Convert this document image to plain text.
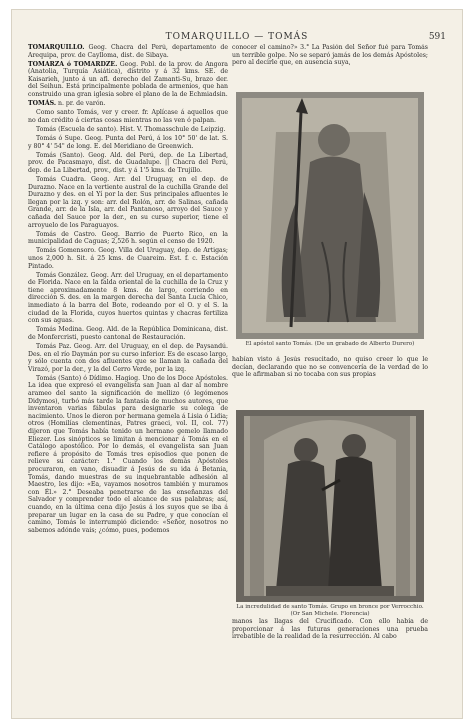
TOMARQUILLO — TOMÁS	591

TOMARQUILLO. Geog. Chacra del Perú, departamento de Arequipa, prov. de Caylloma, dist. de Sibaya.

TOMARZA ó TOMARDZE. Geog. Pobl. de la prov. de Angora (Anatolia, Turquía Asiática), distrito y á 32 kms. SE. de Kaisarieh, junto á un afl. derecho del Zamanti-Su, brazo der. del Seihun. Está principalmente poblada de armenios, que han construido una gran iglesia sobre el plano de la de Echmiadsin.

TOMÁS. n. pr. de varón.

Como santo Tomás, ver y creer. fr. Aplícase á aquellos que no dan crédito á ciertas cosas mientras no las ven ó palpan.

Tomás (Escuela de santo). Hist. V. Thomasschule de Leipzig.

Tomás ó Supe. Geog. Punta del Perú, á los 10° 50' de lat. S. y 80° 4' 54" de long. E. del Meridiano de Greenwich.

Tomás (Santo). Geog. Ald. del Perú, dep. de La Libertad, prov. de Pacasmayo, dist. de Guadalupe. || Chacra del Perú, dep. de La Libertad, prov., dist. y á 1'5 kms. de Trujillo.

Tomás Cuadra. Geog. Arr. del Uruguay, en el dep. de Durazno. Nace en la vertiente austral de la cuchilla Grande del Durazno y des. en el Yí por la der. Sus principales afluentes le llegan por la izq. y son: arr. del Rolón, arr. de Salinas, cañada Grande, arr. de la Isla, arr. del Pantanoso, arroyo del Sauce y cañada del Sauce por la der., en su curso superior, tiene el arroyuelo de los Paraguayos.

Tomás de Castro. Geog. Barrio de Puerto Rico, en la municipalidad de Caguas; 2,526 h. según el censo de 1920.

Tomás Gomensoro. Geog. Villa del Uruguay, dep. de Artigas; unos 2,000 h. Sit. á 25 kms. de Cuareim. Est. f. c. Estación Pintado.

Tomás González. Geog. Arr. del Uruguay, en el departamento de Florida. Nace en la falda oriental de la cuchilla de la Cruz y tiene aproximadamente 8 kms. de largo, corriendo en dirección S. des. en la margen derecha del Santa Lucía Chico, inmediato á la barra del Bote, rodeando por el O. y el S. la ciudad de la Florida, cuyos huertos quintas y chacras fertiliza con sus aguas.

Tomás Medina. Geog. Ald. de la República Dominicana, dist. de Monfercristi, puesto cantonal de Restauración.

Tomás Paz. Geog. Arr. del Uruguay, en el dep. de Paysandú. Des. en el río Daymán por su curso inferior. Es de escaso largo, y sólo cuenta con dos afluentes que se llaman la cañada del Virazó, por la der., y la del Cerro Verde, por la izq.

Tomás (Santo) ó Dídimo. Hagiog. Uno de los Doce Apóstoles. La idea que expresó el evangelista san Juan al dar al nombre arameo del santo la significación de mellizo (ó legómenos Didymos), turbó más tarde la fantasía de muchos autores, que inventaron varias fábulas para designarle su colega de nacimiento. Unos le dieron por hermana gemela á Lisia ó Lidia; otros (Homilías clementinas, Patres graeci, vol. II, col. 77) dijeron que Tomás había tenido un hermano gemelo llamado Eliezer. Los sinópticos se limitan á mencionar á Tomás en el Catálogo apostólico. Por lo demás, el evangelista san Juan refiere á propósito de Tomás tres episodios que ponen de relieve su carácter: 1.° Cuando los demás Apóstoles procuraron, en vano, disuadir á Jesús de su ida á Betania, Tomás, dando muestras de su inquebrantable adhesión al Maestro, les dijo: «Ea, vayamos nosotros también y muramos con Él.» 2.° Deseaba penetrarse de las enseñanzas del Salvador y comprender todo el alcance de sus palabras; así, cuando, en la última cena dijo Jesús á los suyos que se iba á preparar un lugar en la casa de su Padre, y que conocían el camino, Tomás le interrumpió diciendo: «Señor, nosotros no sabemos adónde vais; ¿cómo, pues, podemos

conocer el camino?» 3.° La Pasión del Señor fué para Tomás un terrible golpe. No se separó jamás de los demás Apóstoles; pero al decirle que, en ausencia suya,

El apóstol santo Tomás. (De un grabado de Alberto Durero)

habían visto á Jesús resucitado, no quiso creer lo que le decían, declarando que no se convencería de la verdad de lo que le afirmaban si no tocaba con sus propias

La incredulidad de santo Tomás. Grupo en bronce por Verrocchio. (Or San Michele. Florencia)

manos las llagas del Crucificado. Con ello había de proporcionar á las futuras generaciones una prueba irrebatible de la realidad de la resurrección. Al cabo
